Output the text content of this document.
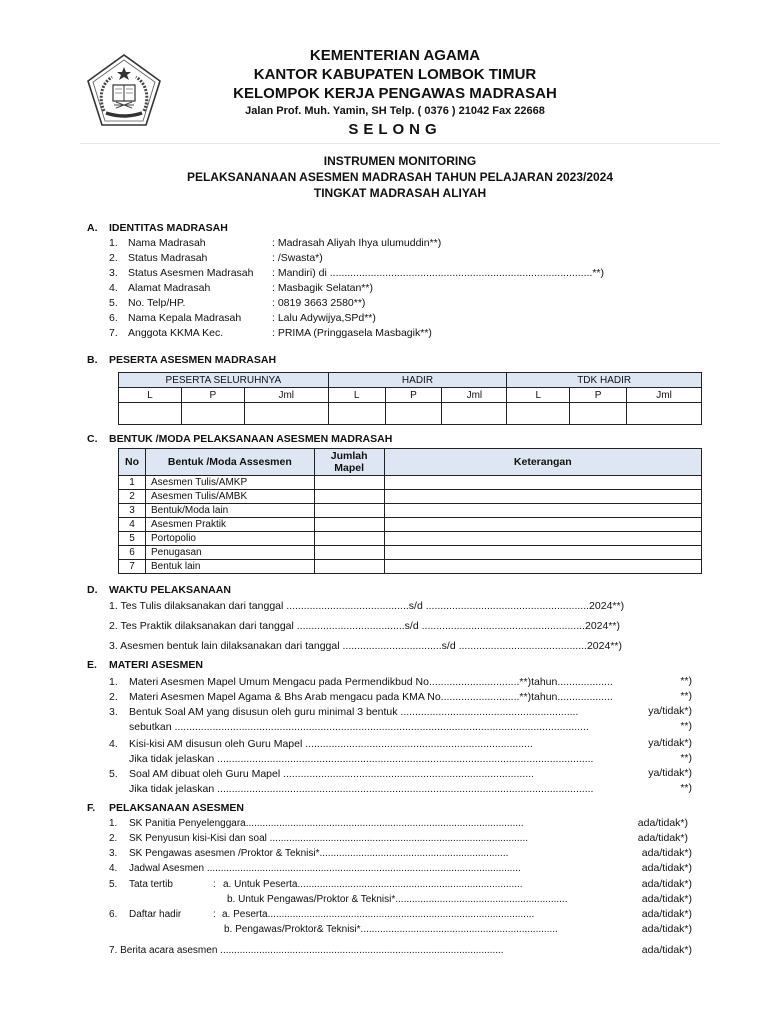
KEMENTERIAN AGAMA
KANTOR KABUPATEN LOMBOK TIMUR
KELOMPOK KERJA PENGAWAS MADRASAH
Jalan Prof. Muh. Yamin, SH Telp. ( 0376 ) 21042 Fax 22668
SELONG
INSTRUMEN MONITORING
PELAKSANANAAN ASESMEN MADRASAH TAHUN PELAJARAN 2023/2024
TINGKAT MADRASAH ALIYAH
A. IDENTITAS MADRASAH
1. Nama Madrasah	: Madrasah Aliyah Ihya ulumuddin**)
2. Status Madrasah	: /Swasta*)
3. Status Asesmen Madrasah : Mandiri) di ..........................................................................................**)
4. Alamat Madrasah	: Masbagik Selatan**)
5. No. Telp/HP.	: 0819 3663 2580**)
6. Nama Kepala Madrasah	: Lalu Adywijya,SPd**)
7. Anggota KKMA Kec.	: PRIMA (Pringgasela Masbagik**)
B. PESERTA ASESMEN MADRASAH
PESERTA SELURUHNYA			HADIR			TDK HADIR		
L	P	Jml	L	P	Jml	L	P	Jml

C. BENTUK /MODA PELAKSANAAN ASESMEN MADRASAH
No	Bentuk /Moda Assesmen	Jumlah Mapel	Keterangan
1	Asesmen Tulis/AMKP		
2	Asesmen Tulis/AMBK		
3	Bentuk/Moda lain		
4	Asesmen Praktik		
5	Portopolio		
6	Penugasan		
7	Bentuk lain		
D. WAKTU PELAKSANAAN
1. Tes Tulis dilaksanakan dari tanggal ..........................................s/d ........................................................2024**)
2. Tes Praktik dilaksanakan dari tanggal .....................................s/d ........................................................2024**)
3. Asesmen bentuk lain dilaksanakan dari tanggal ..................................s/d ............................................2024**)
E. MATERI ASESMEN
1. Materi Asesmen Mapel Umum Mengacu pada Permendikbud No...............................**)tahun...................	**)
2. Materi Asesmen Mapel Agama & Bhs Arab mengacu pada KMA No...........................**)tahun...................	**)
3. Bentuk Soal AM yang disusun oleh guru minimal 3 bentuk .............................................................	ya/tidak*)
sebutkan ..............................................................................................................................................	**)
4. Kisi-kisi AM disusun oleh Guru Mapel ..............................................................................	ya/tidak*)
Jika tidak jelaskan .................................................................................................................................	**)
5. Soal AM dibuat oleh Guru Mapel ......................................................................................	ya/tidak*)
Jika tidak jelaskan .................................................................................................................................	**)
F. PELAKSANAAN ASESMEN
1. SK Panitia Penyelenggara....................................................................................................	ada/tidak*)
2. SK Penyusun kisi-Kisi dan soal .............................................................................................	ada/tidak*)
3. SK Pengawas asesmen /Proktor & Teknisi*....................................................................	ada/tidak*)
4. Jadwal Asesmen .................................................................................................................	ada/tidak*)
5. Tata tertib	: a. Untuk Peserta.................................................................................	ada/tidak*)
b. Untuk Pengawas/Proktor & Teknisi*..............................................................	ada/tidak*)
6. Daftar hadir	: a. Peserta................................................................................................	ada/tidak*)
b. Pengawas/Proktor& Teknisi*.......................................................................	ada/tidak*)
7. Berita acara asesmen ......................................................................................................	ada/tidak*)
